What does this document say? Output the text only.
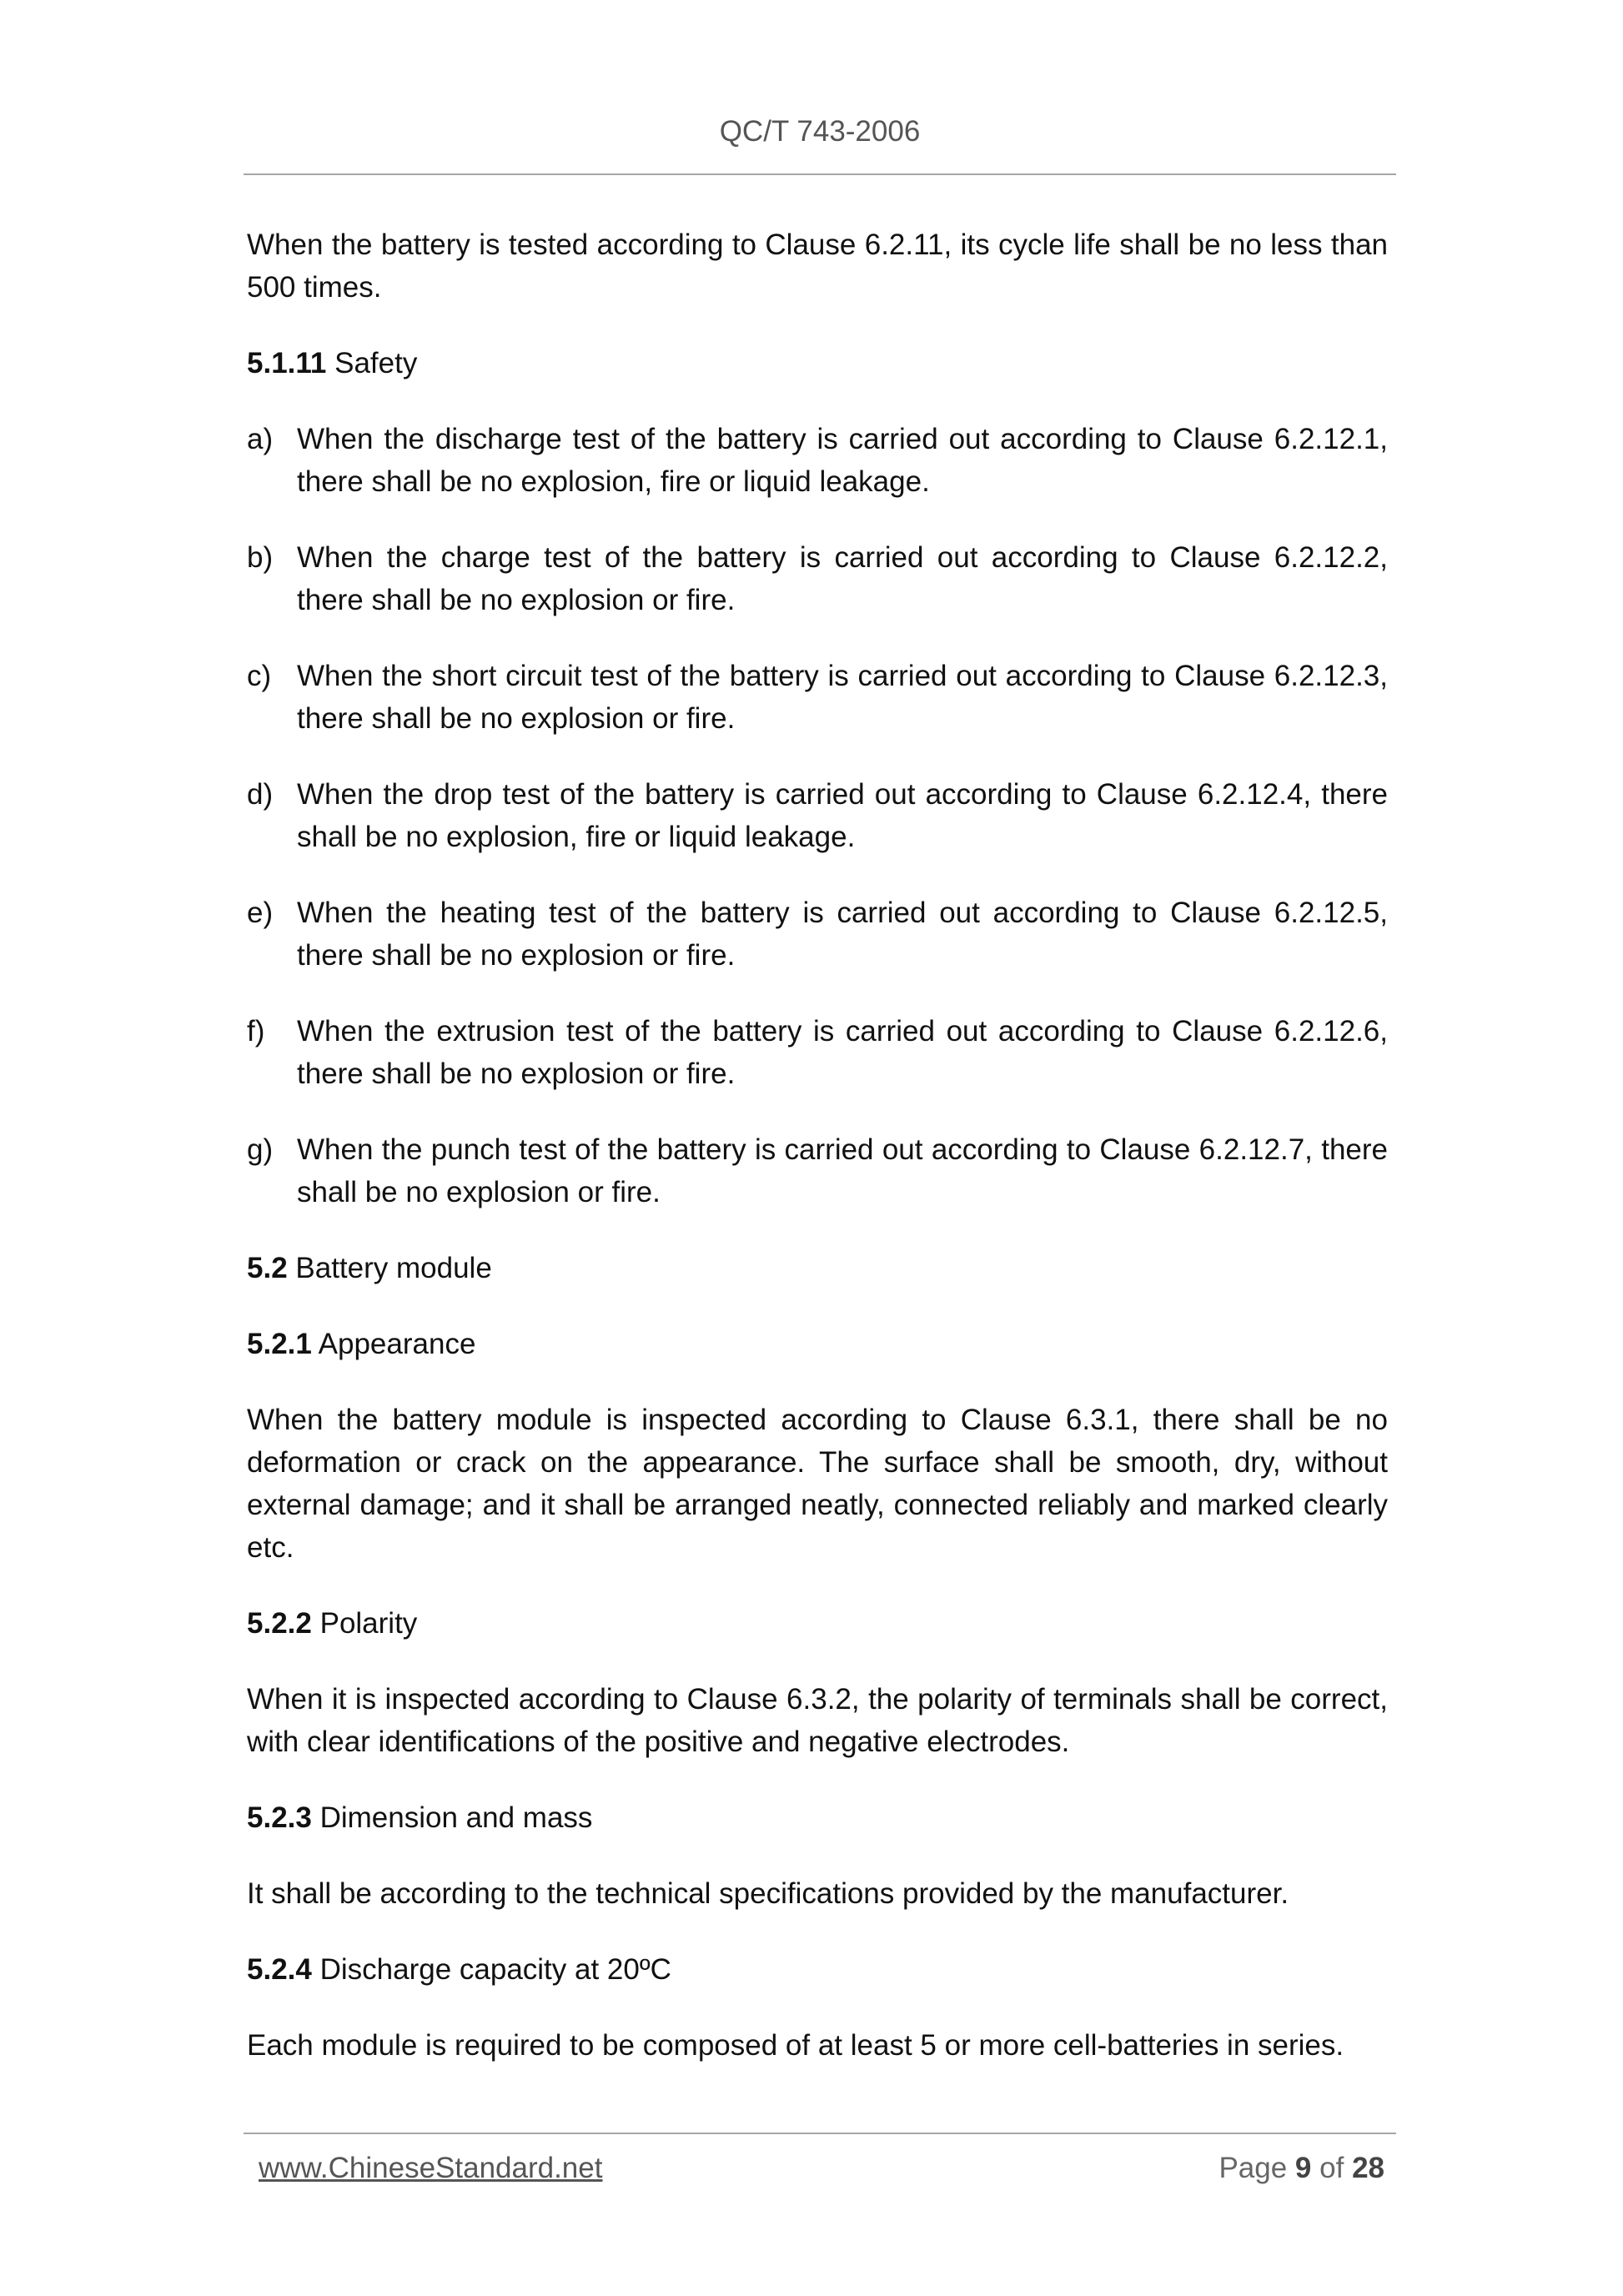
QC/T 743-2006

When the battery is tested according to Clause 6.2.11, its cycle life shall be no less than 500 times.

5.1.11 Safety

a) When the discharge test of the battery is carried out according to Clause 6.2.12.1, there shall be no explosion, fire or liquid leakage.
b) When the charge test of the battery is carried out according to Clause 6.2.12.2, there shall be no explosion or fire.
c) When the short circuit test of the battery is carried out according to Clause 6.2.12.3, there shall be no explosion or fire.
d) When the drop test of the battery is carried out according to Clause 6.2.12.4, there shall be no explosion, fire or liquid leakage.
e) When the heating test of the battery is carried out according to Clause 6.2.12.5, there shall be no explosion or fire.
f) When the extrusion test of the battery is carried out according to Clause 6.2.12.6, there shall be no explosion or fire.
g) When the punch test of the battery is carried out according to Clause 6.2.12.7, there shall be no explosion or fire.

5.2 Battery module

5.2.1 Appearance

When the battery module is inspected according to Clause 6.3.1, there shall be no deformation or crack on the appearance. The surface shall be smooth, dry, without external damage; and it shall be arranged neatly, connected reliably and marked clearly etc.

5.2.2 Polarity

When it is inspected according to Clause 6.3.2, the polarity of terminals shall be correct, with clear identifications of the positive and negative electrodes.

5.2.3 Dimension and mass

It shall be according to the technical specifications provided by the manufacturer.

5.2.4 Discharge capacity at 20ºC

Each module is required to be composed of at least 5 or more cell-batteries in series.

www.ChineseStandard.net	Page 9 of 28
